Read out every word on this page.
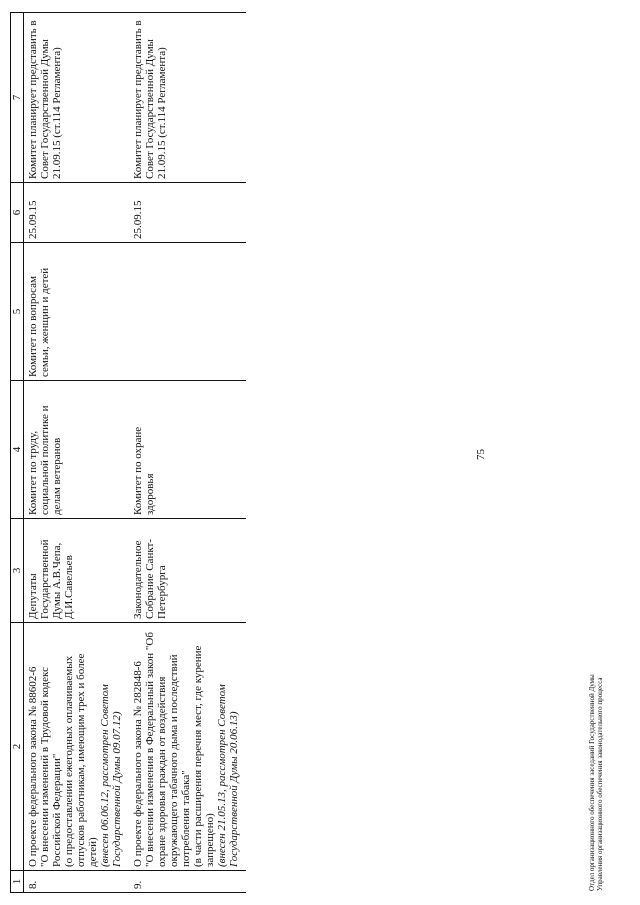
1	2	3	4	5	6	7
8.	О проекте федерального закона № 88602-6 "О внесении изменений в Трудовой кодекс Российской Федерации" (о предоставлении ежегодных оплачиваемых отпусков работникам, имеющим трех и более детей) (внесен 06.06.12, рассмотрен Советом Государственной Думы 09.07.12)	Депутаты Государственной Думы А.В.Чепа, Д.И.Савельев	Комитет по труду, социальной политике и делам ветеранов	Комитет по вопросам семьи, женщин и детей	25.09.15	Комитет планирует представить в Совет Государственной Думы 21.09.15 (ст.114 Регламента)
9.	О проекте федерального закона № 282848-6 "О внесении изменения в Федеральный закон "Об охране здоровья граждан от воздействия окружающего табачного дыма и последствий потребления табака" (в части расширения перечня мест, где курение запрещено) (внесен 21.05.13, рассмотрен Советом Государственной Думы 20.06.13)	Законодательное Собрание Санкт-Петербурга	Комитет по охране здоровья		25.09.15	Комитет планирует представить в Совет Государственной Думы 21.09.15 (ст.114 Регламента)
75
Отдел организационного обеспечения заседаний Государственной Думы Управления организационного обеспечения законодательного процесса
